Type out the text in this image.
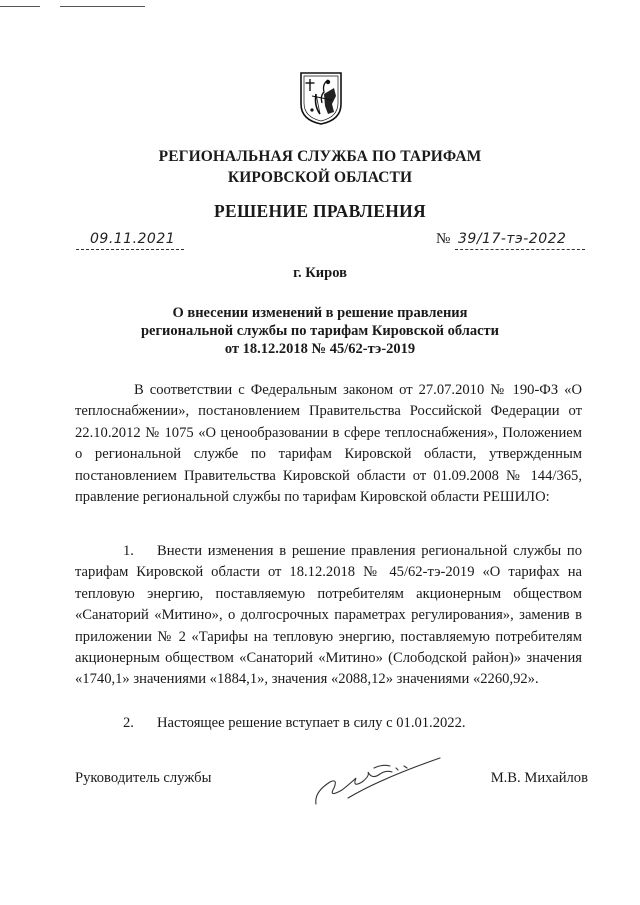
РЕГИОНАЛЬНАЯ СЛУЖБА ПО ТАРИФАМ
КИРОВСКОЙ ОБЛАСТИ
РЕШЕНИЕ ПРАВЛЕНИЯ
09.11.2021	№ 39/17-тэ-2022
г. Киров
О внесении изменений в решение правления
региональной службы по тарифам Кировской области
от 18.12.2018 № 45/62-тэ-2019
В соответствии с Федеральным законом от 27.07.2010 № 190-ФЗ «О теплоснабжении», постановлением Правительства Российской Федерации от 22.10.2012 № 1075 «О ценообразовании в сфере теплоснабжения», Положением о региональной службе по тарифам Кировской области, утвержденным постановлением Правительства Кировской области от 01.09.2008 № 144/365, правление региональной службы по тарифам Кировской области РЕШИЛО:
1. Внести изменения в решение правления региональной службы по тарифам Кировской области от 18.12.2018 № 45/62-тэ-2019 «О тарифах на тепловую энергию, поставляемую потребителям акционерным обществом «Санаторий «Митино», о долгосрочных параметрах регулирования», заменив в приложении № 2 «Тарифы на тепловую энергию, поставляемую потребителям акционерным обществом «Санаторий «Митино» (Слободской район)» значения «1740,1» значениями «1884,1», значения «2088,12» значениями «2260,92».
2. Настоящее решение вступает в силу с 01.01.2022.
Руководитель службы	М.В. Михайлов
